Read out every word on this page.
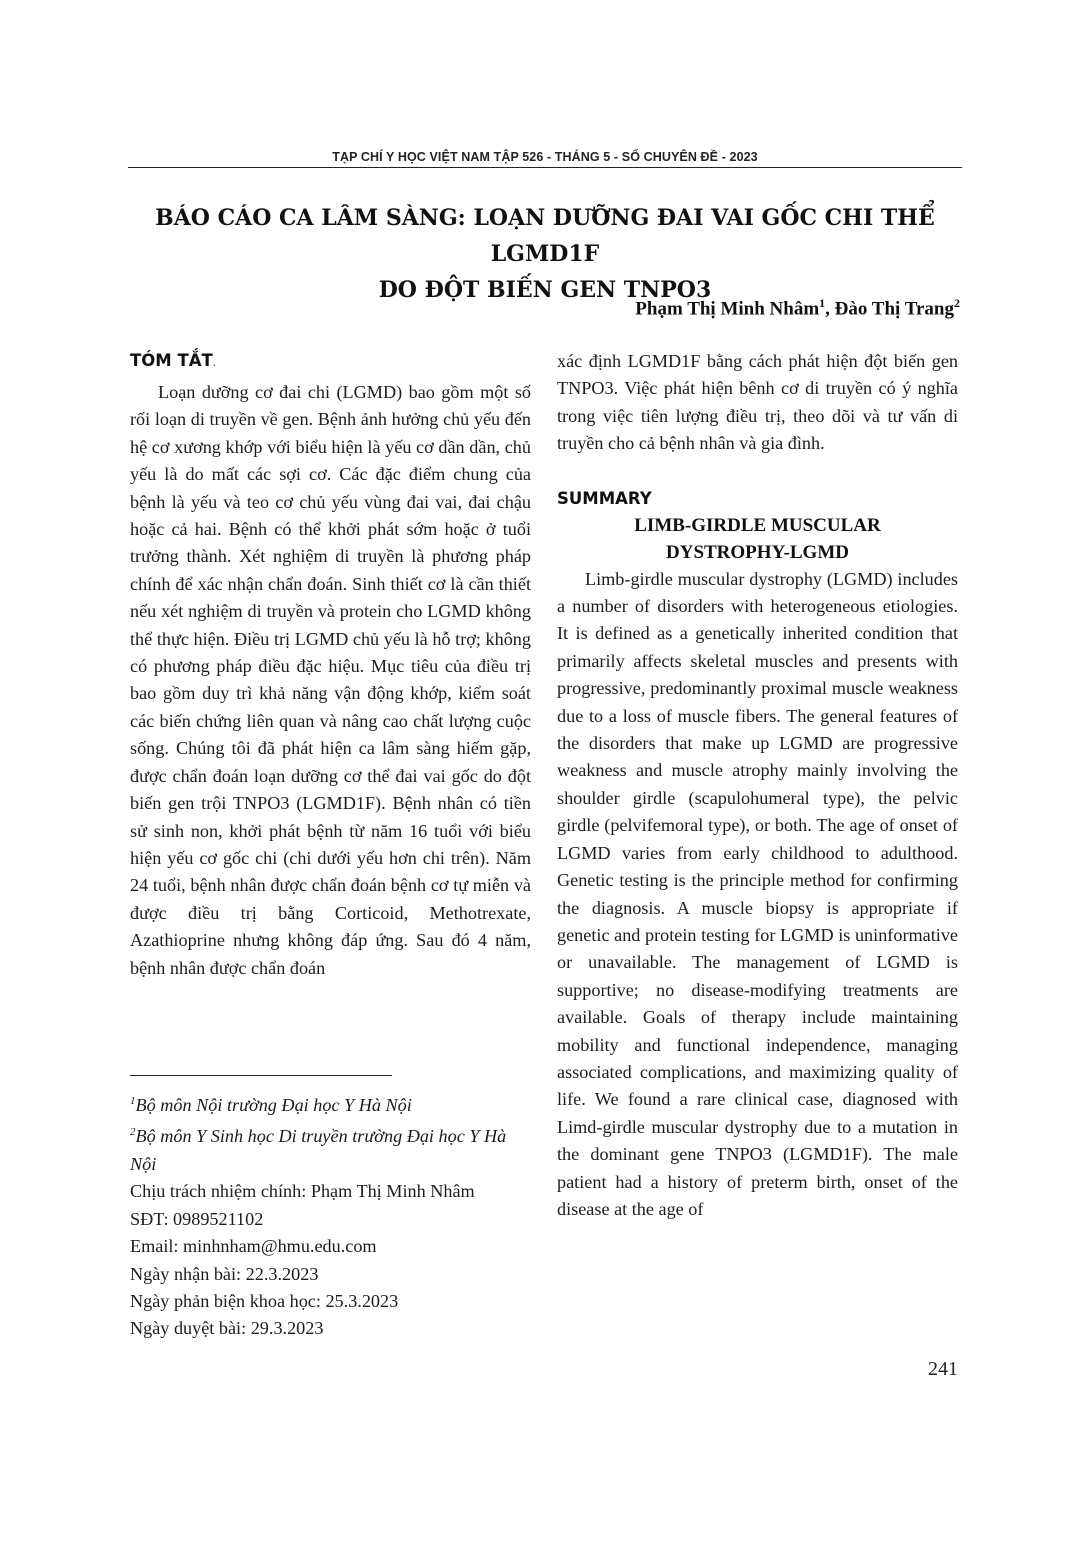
TẠP CHÍ Y HỌC VIỆT NAM TẬP 526 - THÁNG 5 - SỐ CHUYÊN ĐỀ - 2023
BÁO CÁO CA LÂM SÀNG: LOẠN DƯỠNG ĐAI VAI GỐC CHI THỂ LGMD1F
DO ĐỘT BIẾN GEN TNPO3
Phạm Thị Minh Nhâm$^1$, Đào Thị Trang$^2$
TÓM TẮT.

Loạn dưỡng cơ đai chi (LGMD) bao gồm một số rối loạn di truyền về gen. Bệnh ảnh hưởng chủ yếu đến hệ cơ xương khớp với biểu hiện là yếu cơ dần dần, chủ yếu là do mất các sợi cơ. Các đặc điểm chung của bệnh là yếu và teo cơ chủ yếu vùng đai vai, đai chậu hoặc cả hai. Bệnh có thể khởi phát sớm hoặc ở tuổi trưởng thành. Xét nghiệm di truyền là phương pháp chính để xác nhận chẩn đoán. Sinh thiết cơ là cần thiết nếu xét nghiệm di truyền và protein cho LGMD không thể thực hiện. Điều trị LGMD chủ yếu là hỗ trợ; không có phương pháp điều đặc hiệu. Mục tiêu của điều trị bao gồm duy trì khả năng vận động khớp, kiểm soát các biến chứng liên quan và nâng cao chất lượng cuộc sống. Chúng tôi đã phát hiện ca lâm sàng hiếm gặp, được chẩn đoán loạn dưỡng cơ thể đai vai gốc do đột biến gen trội TNPO3 (LGMD1F). Bệnh nhân có tiền sử sinh non, khởi phát bệnh từ năm 16 tuổi với biểu hiện yếu cơ gốc chi (chi dưới yếu hơn chi trên). Năm 24 tuổi, bệnh nhân được chẩn đoán bệnh cơ tự miễn và được điều trị bằng Corticoid, Methotrexate, Azathioprine nhưng không đáp ứng. Sau đó 4 năm, bệnh nhân được chẩn đoán

xác định LGMD1F bằng cách phát hiện đột biến gen TNPO3. Việc phát hiện bênh cơ di truyền có ý nghĩa trong việc tiên lượng điều trị, theo dõi và tư vấn di truyền cho cả bệnh nhân và gia đình.

SUMMARY
LIMB-GIRDLE MUSCULAR
DYSTROPHY-LGMD

Limb-girdle muscular dystrophy (LGMD) includes a number of disorders with heterogeneous etiologies. It is defined as a genetically inherited condition that primarily affects skeletal muscles and presents with progressive, predominantly proximal muscle weakness due to a loss of muscle fibers. The general features of the disorders that make up LGMD are progressive weakness and muscle atrophy mainly involving the shoulder girdle (scapulohumeral type), the pelvic girdle (pelvifemoral type), or both. The age of onset of LGMD varies from early childhood to adulthood. Genetic testing is the principle method for confirming the diagnosis. A muscle biopsy is appropriate if genetic and protein testing for LGMD is uninformative or unavailable. The management of LGMD is supportive; no disease-modifying treatments are available. Goals of therapy include maintaining mobility and functional independence, managing associated complications, and maximizing quality of life. We found a rare clinical case, diagnosed with Limd-girdle muscular dystrophy due to a mutation in the dominant gene TNPO3 (LGMD1F). The male patient had a history of preterm birth, onset of the disease at the age of

$^1$Bộ môn Nội trường Đại học Y Hà Nội
$^2$Bộ môn Y Sinh học Di truyền trường Đại học Y Hà Nội
Chịu trách nhiệm chính: Phạm Thị Minh Nhâm
SĐT: 0989521102
Email: minhnham@hmu.edu.com
Ngày nhận bài: 22.3.2023
Ngày phản biện khoa học: 25.3.2023
Ngày duyệt bài: 29.3.2023
241
